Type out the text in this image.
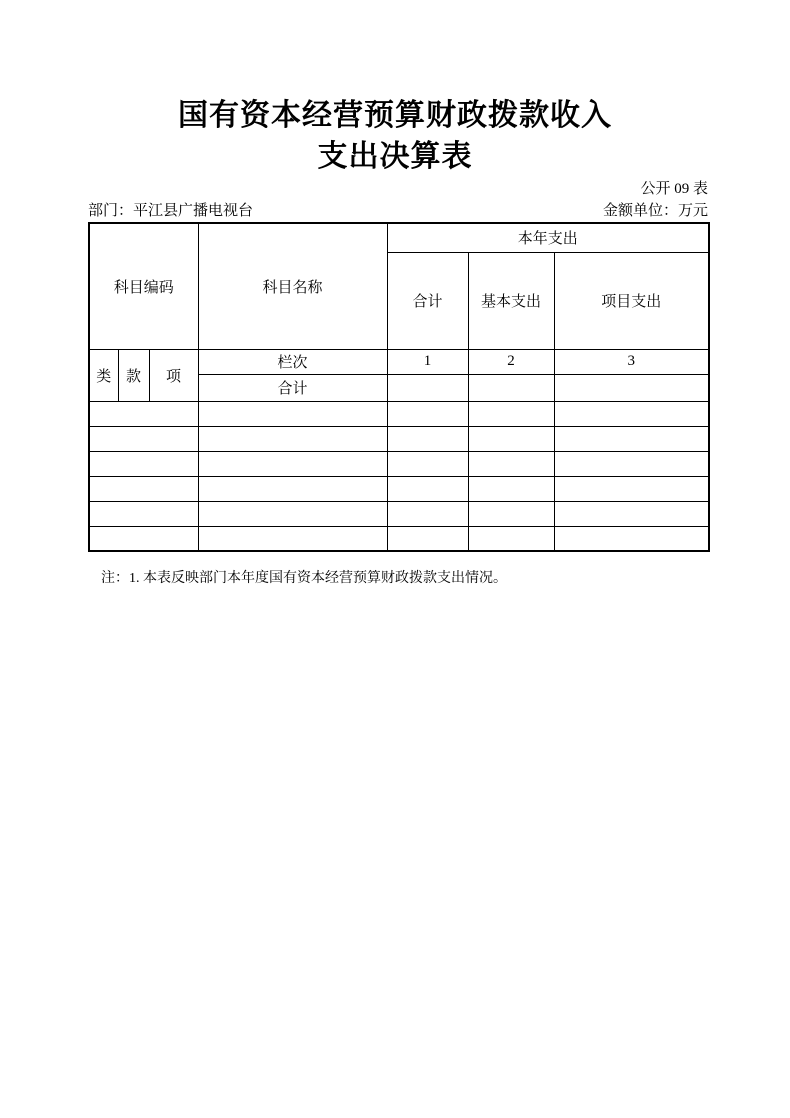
国有资本经营预算财政拨款收入
支出决算表
公开 09 表
部门：平江县广播电视台	金额单位：万元
科目编码			科目名称	本年支出		
				合计	基本支出	项目支出
类	款	项	栏次	1	2	3
			合计			

注：1. 本表反映部门本年度国有资本经营预算财政拨款支出情况。
